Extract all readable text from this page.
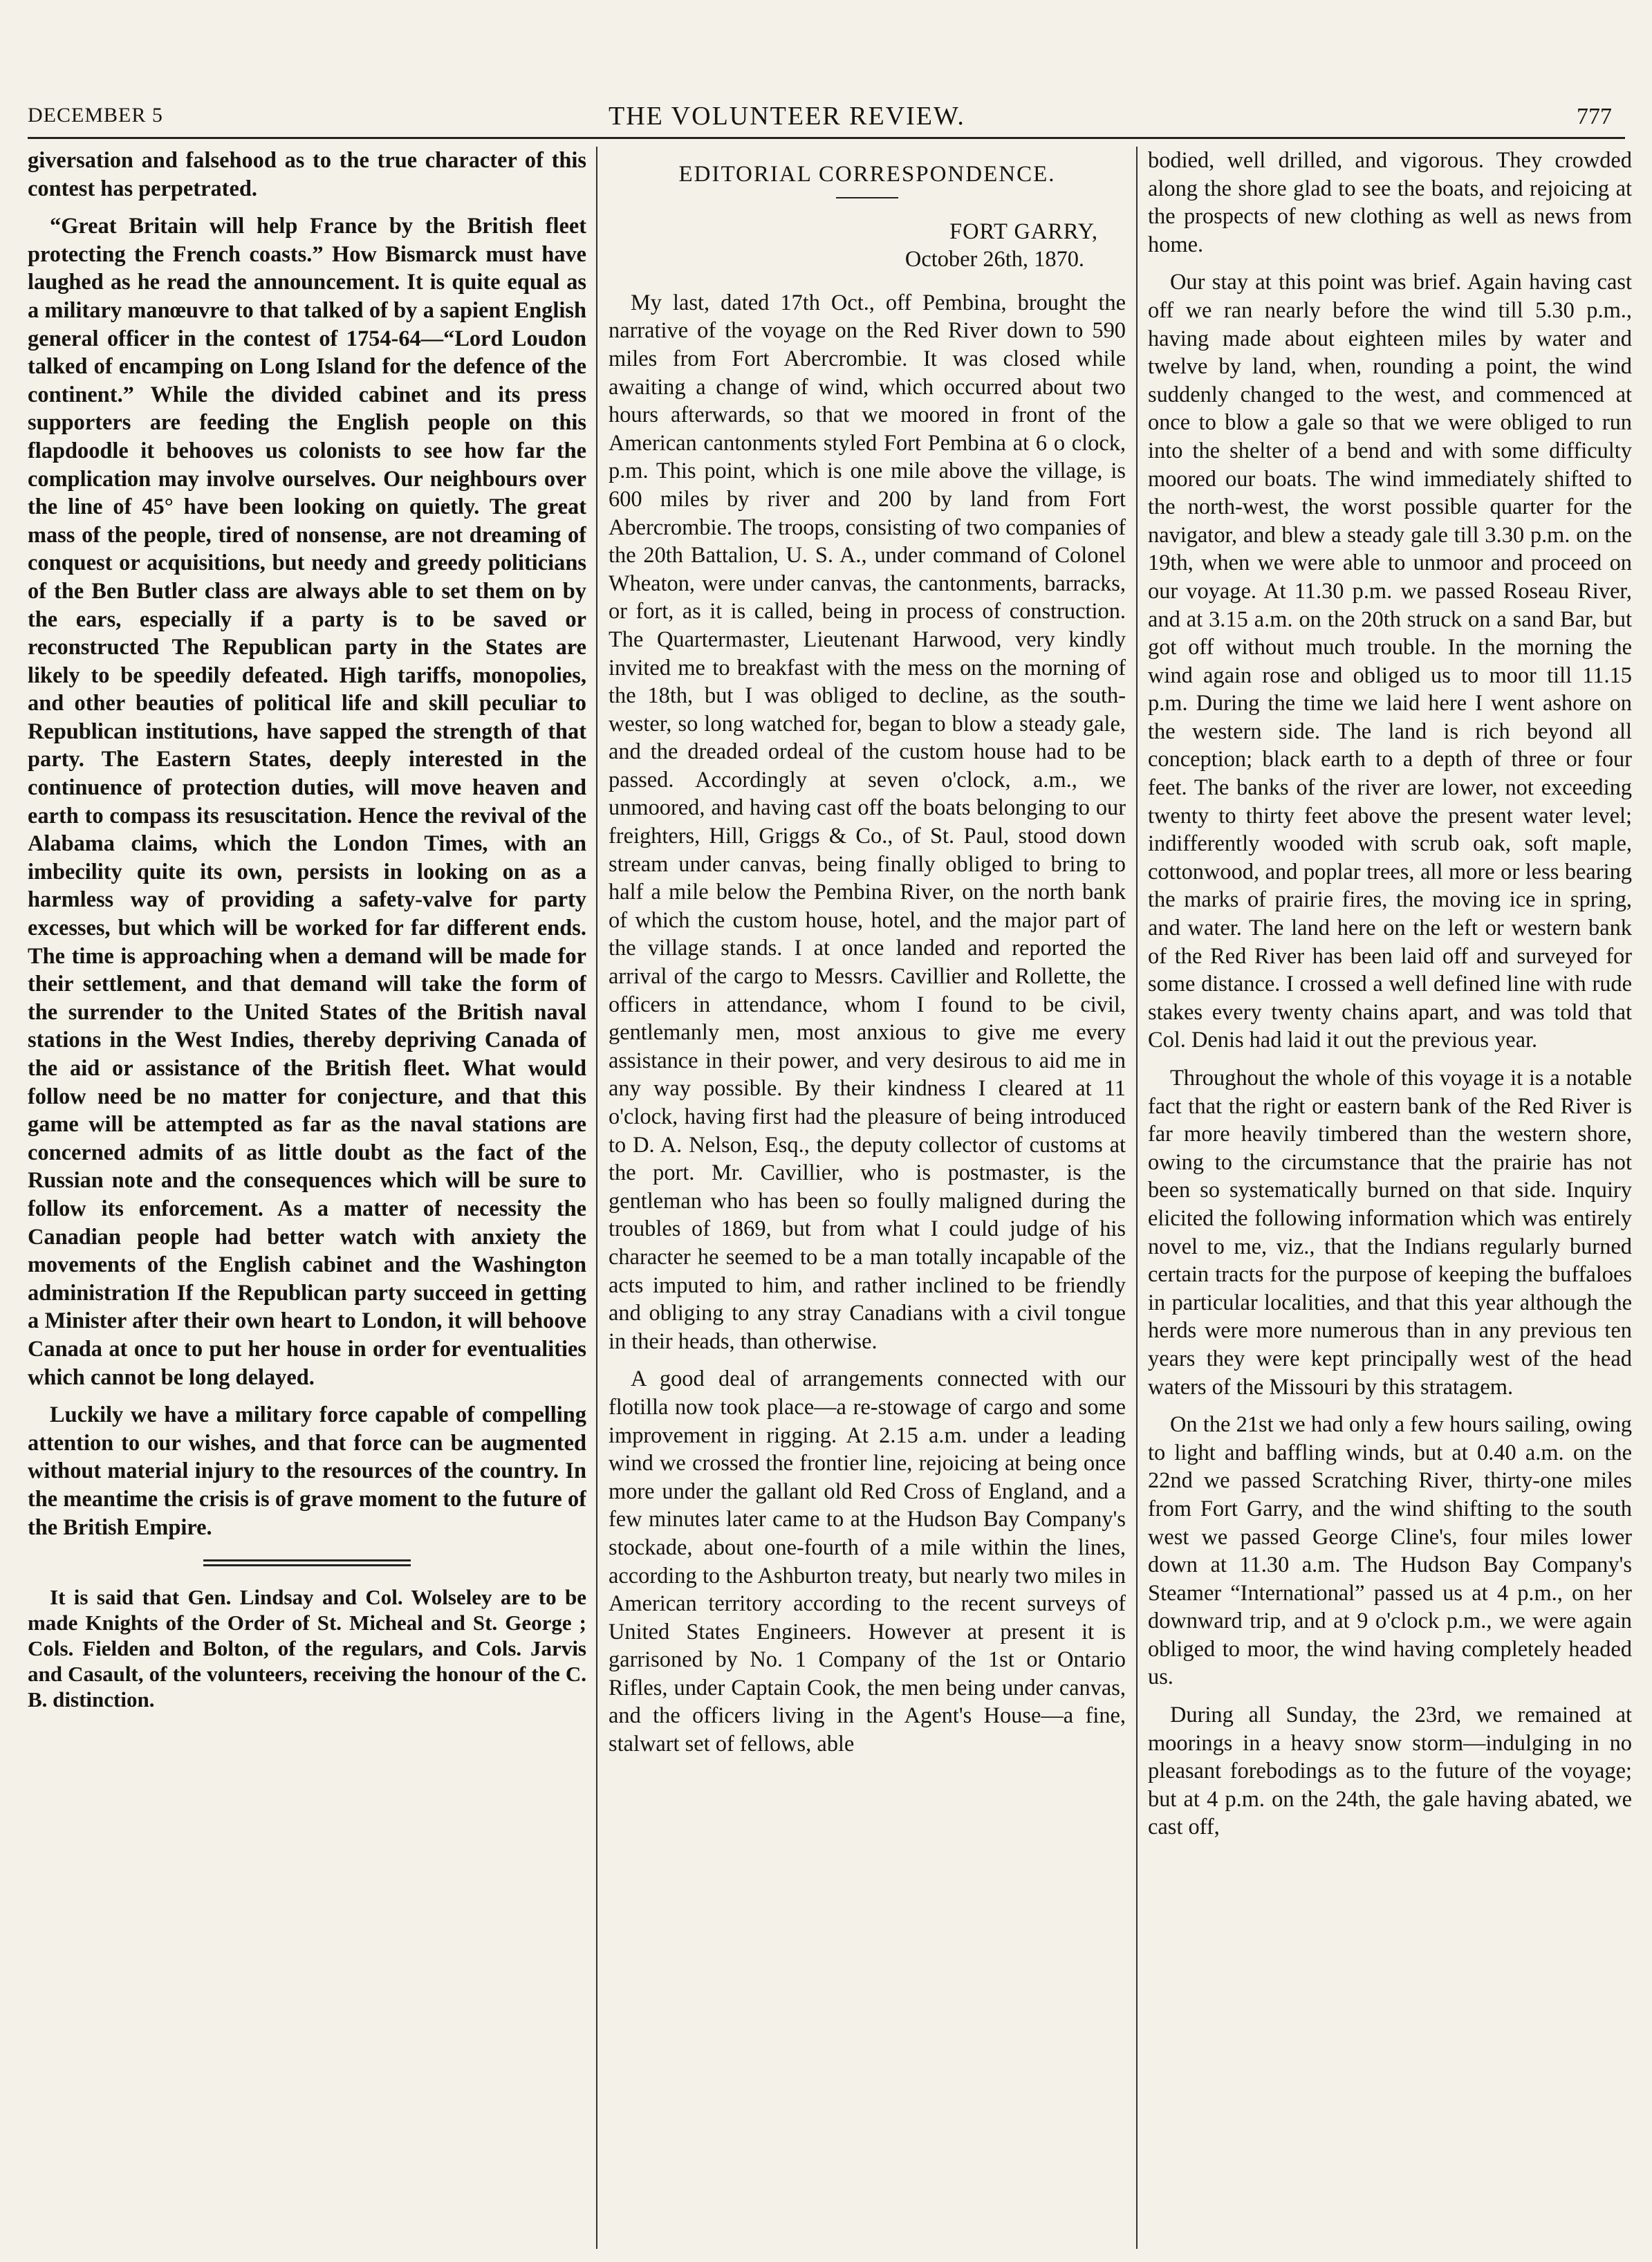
DECEMBER 5	THE VOLUNTEER REVIEW.	777

giversation and falsehood as to the true character of this contest has perpetrated.

“Great Britain will help France by the British fleet protecting the French coasts.” How Bismarck must have laughed as he read the announcement. It is quite equal as a military manœuvre to that talked of by a sapient English general officer in the contest of 1754-64—“Lord Loudon talked of encamping on Long Island for the defence of the continent.” While the divided cabinet and its press supporters are feeding the English people on this flapdoodle it behooves us colonists to see how far the complication may involve ourselves. Our neighbours over the line of 45° have been looking on quietly. The great mass of the people, tired of nonsense, are not dreaming of conquest or acquisitions, but needy and greedy politicians of the Ben Butler class are always able to set them on by the ears, especially if a party is to be saved or reconstructed The Republican party in the States are likely to be speedily defeated. High tariffs, monopolies, and other beauties of political life and skill peculiar to Republican institutions, have sapped the strength of that party. The Eastern States, deeply interested in the continuence of protection duties, will move heaven and earth to compass its resuscitation. Hence the revival of the Alabama claims, which the London Times, with an imbecility quite its own, persists in looking on as a harmless way of providing a safety-valve for party excesses, but which will be worked for far different ends. The time is approaching when a demand will be made for their settlement, and that demand will take the form of the surrender to the United States of the British naval stations in the West Indies, thereby depriving Canada of the aid or assistance of the British fleet. What would follow need be no matter for conjecture, and that this game will be attempted as far as the naval stations are concerned admits of as little doubt as the fact of the Russian note and the consequences which will be sure to follow its enforcement. As a matter of necessity the Canadian people had better watch with anxiety the movements of the English cabinet and the Washington administration If the Republican party succeed in getting a Minister after their own heart to London, it will behoove Canada at once to put her house in order for eventualities which cannot be long delayed.

Luckily we have a military force capable of compelling attention to our wishes, and that force can be augmented without material injury to the resources of the country. In the meantime the crisis is of grave moment to the future of the British Empire.

It is said that Gen. Lindsay and Col. Wolseley are to be made Knights of the Order of St. Micheal and St. George ; Cols. Fielden and Bolton, of the regulars, and Cols. Jarvis and Casault, of the volunteers, receiving the honour of the C. B. distinction.

EDITORIAL CORRESPONDENCE.

FORT GARRY,

October 26th, 1870.

My last, dated 17th Oct., off Pembina, brought the narrative of the voyage on the Red River down to 590 miles from Fort Abercrombie. It was closed while awaiting a change of wind, which occurred about two hours afterwards, so that we moored in front of the American cantonments styled Fort Pembina at 6 o clock, p.m. This point, which is one mile above the village, is 600 miles by river and 200 by land from Fort Abercrombie. The troops, consisting of two companies of the 20th Battalion, U. S. A., under command of Colonel Wheaton, were under canvas, the cantonments, barracks, or fort, as it is called, being in process of construction. The Quartermaster, Lieutenant Harwood, very kindly invited me to breakfast with the mess on the morning of the 18th, but I was obliged to decline, as the south-wester, so long watched for, began to blow a steady gale, and the dreaded ordeal of the custom house had to be passed. Accordingly at seven o'clock, a.m., we unmoored, and having cast off the boats belonging to our freighters, Hill, Griggs & Co., of St. Paul, stood down stream under canvas, being finally obliged to bring to half a mile below the Pembina River, on the north bank of which the custom house, hotel, and the major part of the village stands. I at once landed and reported the arrival of the cargo to Messrs. Cavillier and Rollette, the officers in attendance, whom I found to be civil, gentlemanly men, most anxious to give me every assistance in their power, and very desirous to aid me in any way possible. By their kindness I cleared at 11 o'clock, having first had the pleasure of being introduced to D. A. Nelson, Esq., the deputy collector of customs at the port. Mr. Cavillier, who is postmaster, is the gentleman who has been so foully maligned during the troubles of 1869, but from what I could judge of his character he seemed to be a man totally incapable of the acts imputed to him, and rather inclined to be friendly and obliging to any stray Canadians with a civil tongue in their heads, than otherwise.

A good deal of arrangements connected with our flotilla now took place—a re-stowage of cargo and some improvement in rigging. At 2.15 a.m. under a leading wind we crossed the frontier line, rejoicing at being once more under the gallant old Red Cross of England, and a few minutes later came to at the Hudson Bay Company's stockade, about one-fourth of a mile within the lines, according to the Ashburton treaty, but nearly two miles in American territory according to the recent surveys of United States Engineers. However at present it is garrisoned by No. 1 Company of the 1st or Ontario Rifles, under Captain Cook, the men being under canvas, and the officers living in the Agent's House—a fine, stalwart set of fellows, able

bodied, well drilled, and vigorous. They crowded along the shore glad to see the boats, and rejoicing at the prospects of new clothing as well as news from home.

Our stay at this point was brief. Again having cast off we ran nearly before the wind till 5.30 p.m., having made about eighteen miles by water and twelve by land, when, rounding a point, the wind suddenly changed to the west, and commenced at once to blow a gale so that we were obliged to run into the shelter of a bend and with some difficulty moored our boats. The wind immediately shifted to the north-west, the worst possible quarter for the navigator, and blew a steady gale till 3.30 p.m. on the 19th, when we were able to unmoor and proceed on our voyage. At 11.30 p.m. we passed Roseau River, and at 3.15 a.m. on the 20th struck on a sand Bar, but got off without much trouble. In the morning the wind again rose and obliged us to moor till 11.15 p.m. During the time we laid here I went ashore on the western side. The land is rich beyond all conception; black earth to a depth of three or four feet. The banks of the river are lower, not exceeding twenty to thirty feet above the present water level; indifferently wooded with scrub oak, soft maple, cottonwood, and poplar trees, all more or less bearing the marks of prairie fires, the moving ice in spring, and water. The land here on the left or western bank of the Red River has been laid off and surveyed for some distance. I crossed a well defined line with rude stakes every twenty chains apart, and was told that Col. Denis had laid it out the previous year.

Throughout the whole of this voyage it is a notable fact that the right or eastern bank of the Red River is far more heavily timbered than the western shore, owing to the circumstance that the prairie has not been so systematically burned on that side. Inquiry elicited the following information which was entirely novel to me, viz., that the Indians regularly burned certain tracts for the purpose of keeping the buffaloes in particular localities, and that this year although the herds were more numerous than in any previous ten years they were kept principally west of the head waters of the Missouri by this stratagem.

On the 21st we had only a few hours sailing, owing to light and baffling winds, but at 0.40 a.m. on the 22nd we passed Scratching River, thirty-one miles from Fort Garry, and the wind shifting to the south west we passed George Cline's, four miles lower down at 11.30 a.m. The Hudson Bay Company's Steamer “International” passed us at 4 p.m., on her downward trip, and at 9 o'clock p.m., we were again obliged to moor, the wind having completely headed us.

During all Sunday, the 23rd, we remained at moorings in a heavy snow storm—indulging in no pleasant forebodings as to the future of the voyage; but at 4 p.m. on the 24th, the gale having abated, we cast off,
